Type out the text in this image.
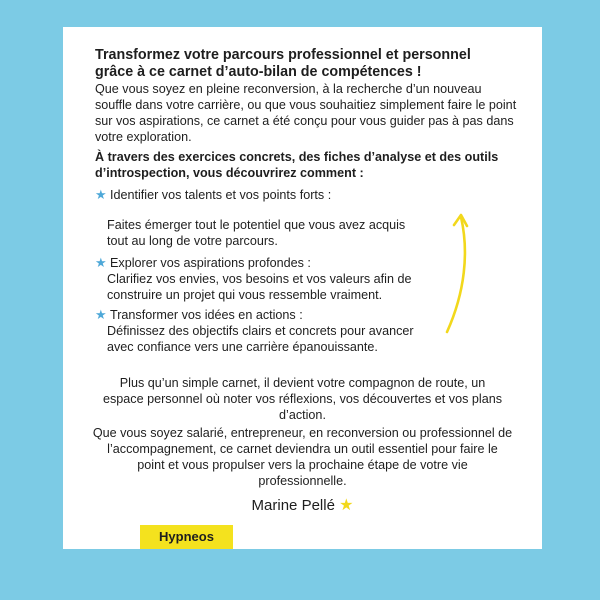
Transformez votre parcours professionnel et personnel
grâce à ce carnet d’auto-bilan de compétences !

Que vous soyez en pleine reconversion, à la recherche d’un nouveau souffle dans votre carrière, ou que vous souhaitiez simplement faire le point sur vos aspirations, ce carnet a été conçu pour vous guider pas à pas dans votre exploration.

À travers des exercices concrets, des fiches d’analyse et des outils d’introspection, vous découvrirez comment :

★ Identifier vos talents et vos points forts :
Faites émerger tout le potentiel que vous avez acquis tout au long de votre parcours.
★ Explorer vos aspirations profondes :
Clarifiez vos envies, vos besoins et vos valeurs afin de construire un projet qui vous ressemble vraiment.
★ Transformer vos idées en actions :
Définissez des objectifs clairs et concrets pour avancer avec confiance vers une carrière épanouissante.
Plus qu’un simple carnet, il devient votre compagnon de route, un espace personnel où noter vos réflexions, vos découvertes et vos plans d’action.
Que vous soyez salarié, entrepreneur, en reconversion ou professionnel de l’accompagnement, ce carnet deviendra un outil essentiel pour faire le point et vous propulser vers la prochaine étape de votre vie professionnelle.
Marine Pellé ★
Hypneos
